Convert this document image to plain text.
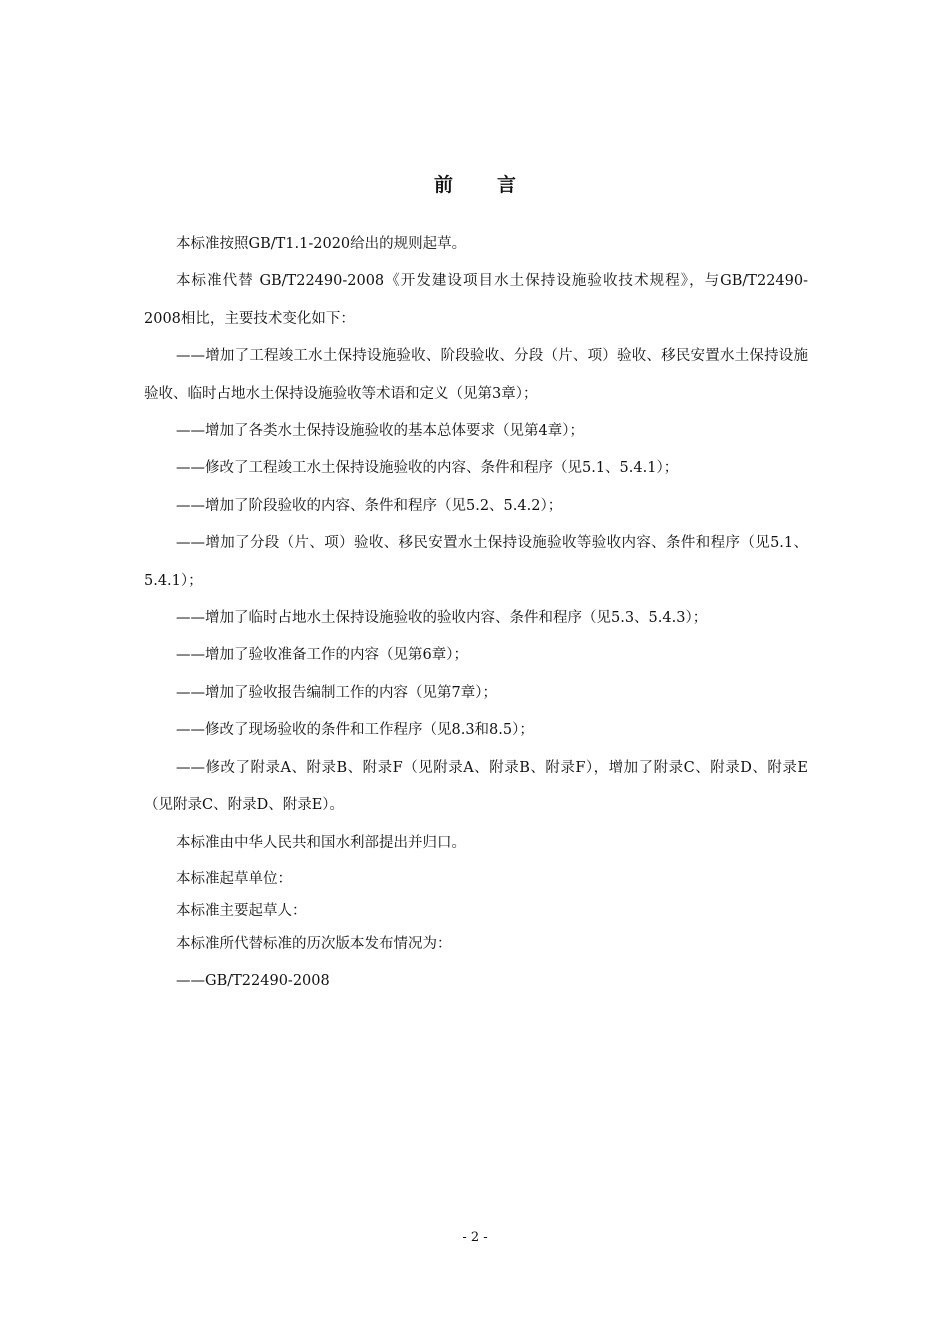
前 言

本标准按照GB/T1.1-2020给出的规则起草。

本标准代替 GB/T22490-2008《开发建设项目水土保持设施验收技术规程》，与GB/T22490-2008相比，主要技术变化如下：

——增加了工程竣工水土保持设施验收、阶段验收、分段（片、项）验收、移民安置水土保持设施验收、临时占地水土保持设施验收等术语和定义（见第3章）；

——增加了各类水土保持设施验收的基本总体要求（见第4章）；

——修改了工程竣工水土保持设施验收的内容、条件和程序（见5.1、5.4.1）；

——增加了阶段验收的内容、条件和程序（见5.2、5.4.2）；

——增加了分段（片、项）验收、移民安置水土保持设施验收等验收内容、条件和程序（见5.1、5.4.1）；

——增加了临时占地水土保持设施验收的验收内容、条件和程序（见5.3、5.4.3）；

——增加了验收准备工作的内容（见第6章）；

——增加了验收报告编制工作的内容（见第7章）；

——修改了现场验收的条件和工作程序（见8.3和8.5）；

——修改了附录A、附录B、附录F（见附录A、附录B、附录F），增加了附录C、附录D、附录E（见附录C、附录D、附录E）。

本标准由中华人民共和国水利部提出并归口。

本标准起草单位：

本标准主要起草人：

本标准所代替标准的历次版本发布情况为：

——GB/T22490-2008

- 2 -
